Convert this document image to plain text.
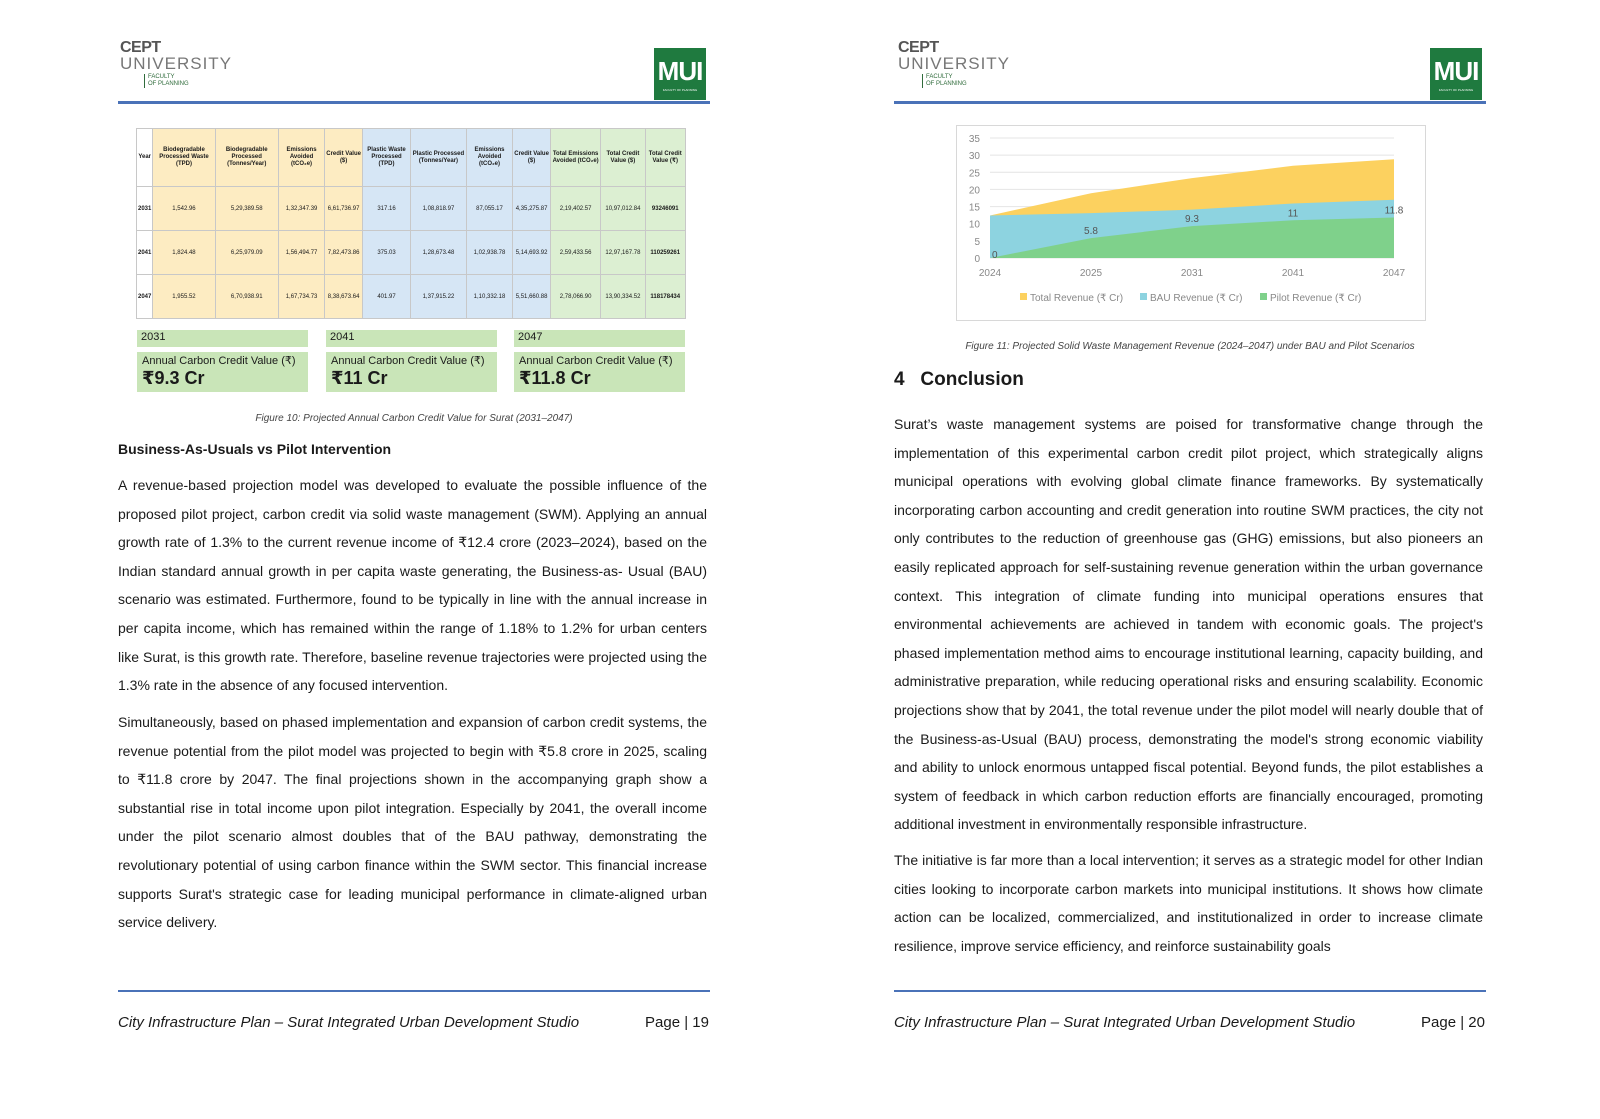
CEPT
UNIVERSITY
FACULTY
OF PLANNING	MUI
FACULTY OF PLANNING
Year	Biodegradable Processed Waste (TPD)	Biodegradable Processed (Tonnes/Year)	Emissions Avoided (tCO₂e)	Credit Value ($)	Plastic Waste Processed (TPD)	Plastic Processed (Tonnes/Year)	Emissions Avoided (tCO₂e)	Credit Value ($)	Total Emissions Avoided (tCO₂e)	Total Credit Value ($)	Total Credit Value (₹)
2031	1,542.96	5,29,389.58	1,32,347.39	6,61,736.97	317.16	1,08,818.97	87,055.17	4,35,275.87	2,19,402.57	10,97,012.84	93246091
2041	1,824.48	6,25,979.09	1,56,494.77	7,82,473.86	375.03	1,28,673.48	1,02,938.78	5,14,693.92	2,59,433.56	12,97,167.78	110259261
2047	1,955.52	6,70,938.91	1,67,734.73	8,38,673.64	401.97	1,37,915.22	1,10,332.18	5,51,660.88	2,78,066.90	13,90,334.52	118178434
2031
Annual Carbon Credit Value (₹)
₹9.3 Cr
2041
Annual Carbon Credit Value (₹)
₹11 Cr
2047
Annual Carbon Credit Value (₹)
₹11.8 Cr
Figure 10: Projected Annual Carbon Credit Value for Surat (2031–2047)
Business-As-Usuals vs Pilot Intervention
A revenue-based projection model was developed to evaluate the possible influence of the proposed pilot project, carbon credit via solid waste management (SWM). Applying an annual growth rate of 1.3% to the current revenue income of ₹12.4 crore (2023–2024), based on the Indian standard annual growth in per capita waste generating, the Business-as- Usual (BAU) scenario was estimated. Furthermore, found to be typically in line with the annual increase in per capita income, which has remained within the range of 1.18% to 1.2% for urban centers like Surat, is this growth rate. Therefore, baseline revenue trajectories were projected using the 1.3% rate in the absence of any focused intervention.
Simultaneously, based on phased implementation and expansion of carbon credit systems, the revenue potential from the pilot model was projected to begin with ₹5.8 crore in 2025, scaling to ₹11.8 crore by 2047. The final projections shown in the accompanying graph show a substantial rise in total income upon pilot integration. Especially by 2041, the overall income under the pilot scenario almost doubles that of the BAU pathway, demonstrating the revolutionary potential of using carbon finance within the SWM sector. This financial increase supports Surat's strategic case for leading municipal performance in climate-aligned urban service delivery.
City Infrastructure Plan – Surat Integrated Urban Development Studio	Page | 19
CEPT
UNIVERSITY
FACULTY
OF PLANNING	MUI
FACULTY OF PLANNING
Figure 11: Projected Solid Waste Management Revenue (2024–2047) under BAU and Pilot Scenarios
4 Conclusion
Surat’s waste management systems are poised for transformative change through the implementation of this experimental carbon credit pilot project, which strategically aligns municipal operations with evolving global climate finance frameworks. By systematically incorporating carbon accounting and credit generation into routine SWM practices, the city not only contributes to the reduction of greenhouse gas (GHG) emissions, but also pioneers an easily replicated approach for self-sustaining revenue generation within the urban governance context. This integration of climate funding into municipal operations ensures that environmental achievements are achieved in tandem with economic goals. The project's phased implementation method aims to encourage institutional learning, capacity building, and administrative preparation, while reducing operational risks and ensuring scalability. Economic projections show that by 2041, the total revenue under the pilot model will nearly double that of the Business-as-Usual (BAU) process, demonstrating the model's strong economic viability and ability to unlock enormous untapped fiscal potential. Beyond funds, the pilot establishes a system of feedback in which carbon reduction efforts are financially encouraged, promoting additional investment in environmentally responsible infrastructure.
The initiative is far more than a local intervention; it serves as a strategic model for other Indian cities looking to incorporate carbon markets into municipal institutions. It shows how climate action can be localized, commercialized, and institutionalized in order to increase climate resilience, improve service efficiency, and reinforce sustainability goals
City Infrastructure Plan – Surat Integrated Urban Development Studio	Page | 20
0
5
10
15
20
25
30
35
0
5.8
9.3
11	11.8
2024	2025	2031	2041	2047
Total Revenue (₹ Cr)	BAU Revenue (₹ Cr)	Pilot Revenue (₹ Cr)
